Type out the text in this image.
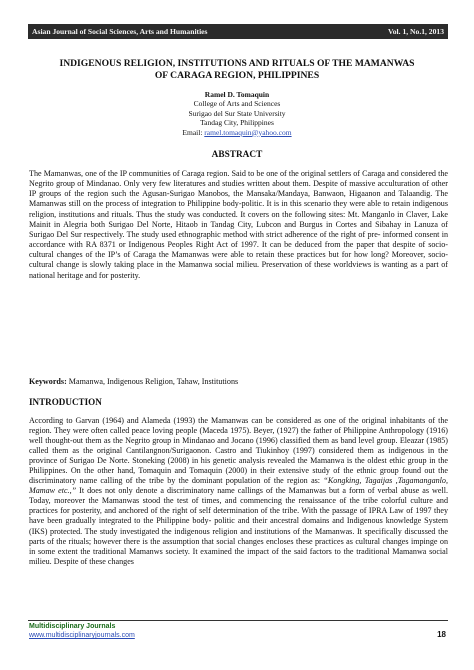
Asian Journal of Social Sciences, Arts and Humanities	Vol. 1, No.1, 2013
INDIGENOUS RELIGION, INSTITUTIONS AND RITUALS OF THE MAMANWAS
OF CARAGA REGION, PHILIPPINES
Ramel D. Tomaquin
College of Arts and Sciences
Surigao del Sur State University
Tandag City, Philippines
Email: ramel.tomaquin@yahoo.com
ABSTRACT
The Mamanwas, one of the IP communities of Caraga region. Said to be one of the original settlers of Caraga and considered the Negrito group of Mindanao. Only very few literatures and studies written about them. Despite of massive acculturation of other IP groups of the region such the Agusan-Surigao Manobos, the Mansaka/Mandaya, Banwaon, Higaanon and Talaandig. The Mamanwas still on the process of integration to Philippine body-politic. It is in this scenario they were able to retain indigenous religion, institutions and rituals. Thus the study was conducted. It covers on the following sites: Mt. Manganlo in Claver, Lake Mainit in Alegria both Surigao Del Norte, Hitaob in Tandag City, Lubcon and Burgus in Cortes and Sibahay in Lanuza of Surigao Del Sur respectively. The study used ethnographic method with strict adherence of the right of pre- informed consent in accordance with RA 8371 or Indigenous Peoples Right Act of 1997. It can be deduced from the paper that despite of socio-cultural changes of the IP’s of Caraga the Mamanwas were able to retain these practices but for how long? Moreover, socio-cultural change is slowly taking place in the Mamanwa social milieu. Preservation of these worldviews is wanting as a part of national heritage and for posterity.
Keywords: Mamanwa, Indigenous Religion, Tahaw, Institutions
INTRODUCTION
According to Garvan (1964) and Alameda (1993) the Mamanwas can be considered as one of the original inhabitants of the region. They were often called peace loving people (Maceda 1975). Beyer, (1927) the father of Philippine Anthropology (1916) well thought-out them as the Negrito group in Mindanao and Jocano (1996) classified them as band level group. Eleazar (1985) called them as the original Cantilangnon/Surigaonon. Castro and Tiukinhoy (1997) considered them as indigenous in the province of Surigao De Norte. Stoneking (2008) in his genetic analysis revealed the Mamanwa is the oldest ethic group in the Philippines. On the other hand, Tomaquin and Tomaquin (2000) in their extensive study of the ethnic group found out the discriminatory name calling of the tribe by the dominant population of the region as: “Kongking, Tagaijas ,Tagamanganlo, Mamaw etc.,” It does not only denote a discriminatory name callings of the Mamanwas but a form of verbal abuse as well. Today, moreover the Mamanwas stood the test of times, and commencing the renaissance of the tribe colorful culture and practices for posterity, and anchored of the right of self determination of the tribe. With the passage of IPRA Law of 1997 they have been gradually integrated to the Philippine body- politic and their ancestral domains and Indigenous knowledge System (IKS) protected. The study investigated the indigenous religion and institutions of the Mamanwas. It specifically discussed the parts of the rituals; however there is the assumption that social changes encloses these practices as cultural changes impinge on in some extent the traditional Mamanws society. It examined the impact of the said factors to the traditional Mamanwa social milieu. Despite of these changes
Multidisciplinary Journals
www.multidisciplinaryjournals.com	18
